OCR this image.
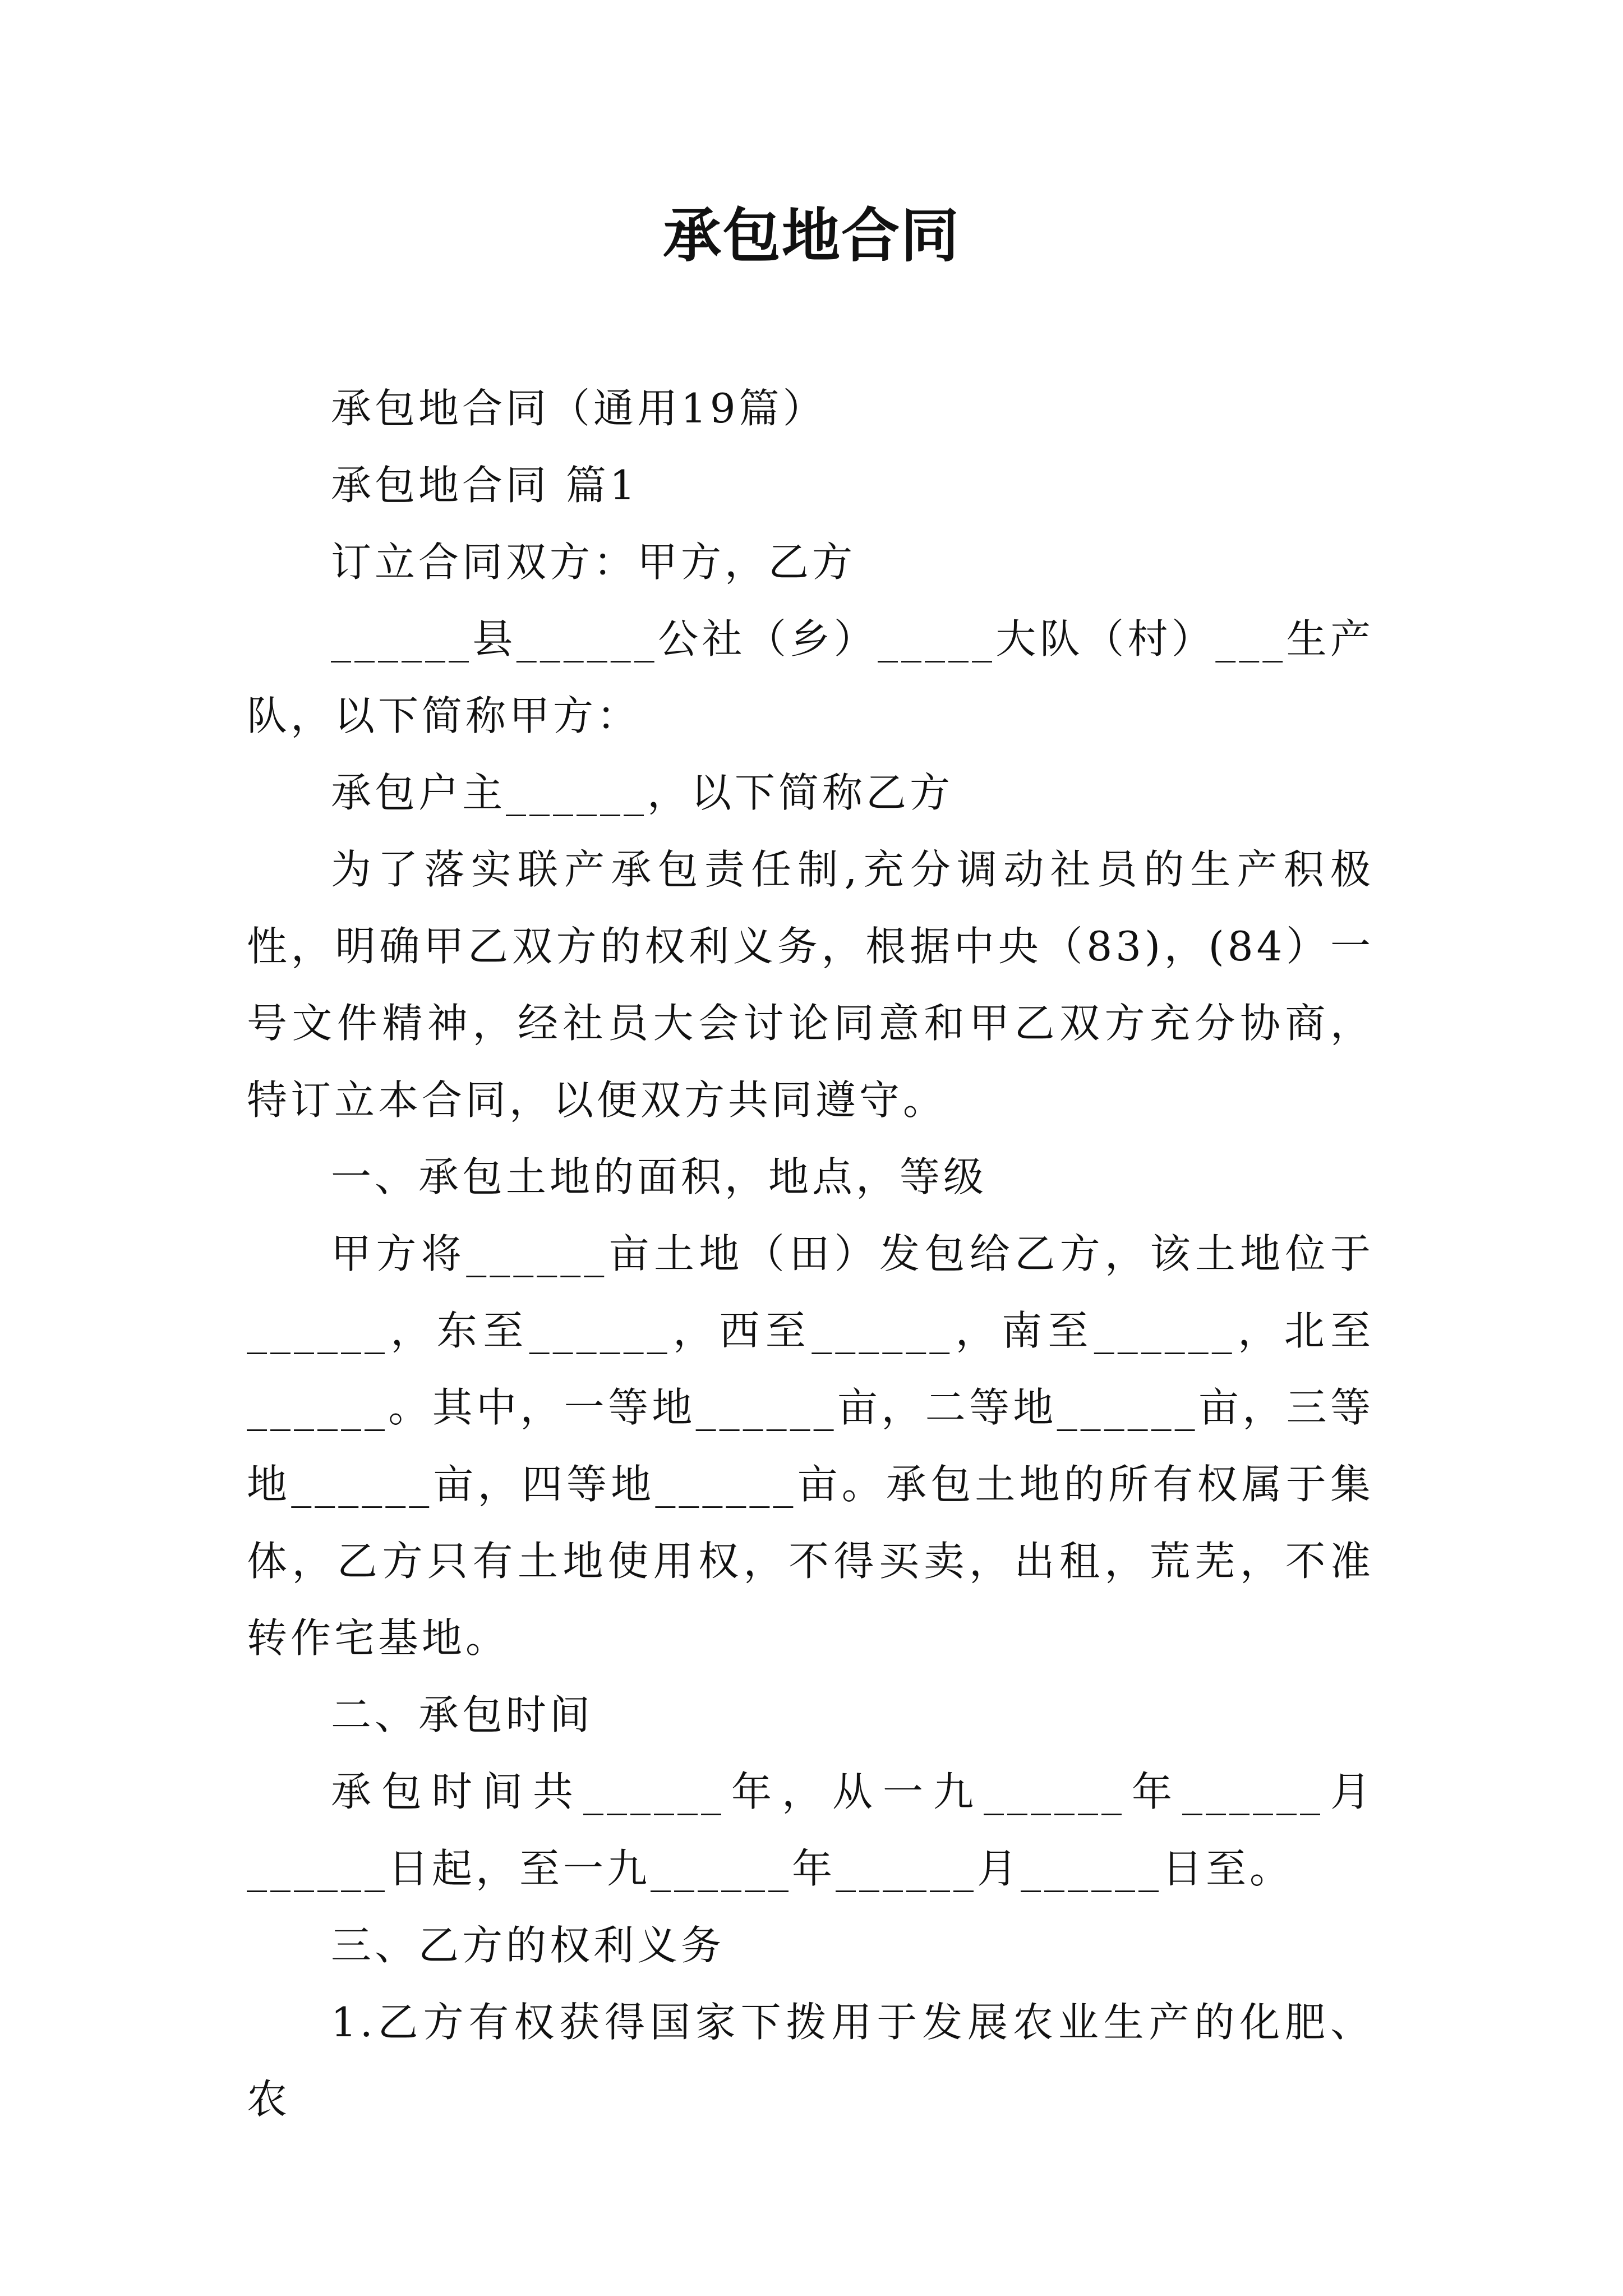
承包地合同

承包地合同（通用19篇）

承包地合同 篇1

订立合同双方：甲方，乙方

______县______公社（乡）_____大队（村）___生产队，以下简称甲方：

承包户主______，以下简称乙方

为了落实联产承包责任制,充分调动社员的生产积极性，明确甲乙双方的权利义务，根据中央（83)，(84）一号文件精神，经社员大会讨论同意和甲乙双方充分协商，特订立本合同，以便双方共同遵守。

一、承包土地的面积，地点，等级

甲方将______亩土地（田）发包给乙方，该土地位于______，东至______，西至______，南至______，北至______。其中，一等地______亩，二等地______亩，三等地______亩，四等地______亩。承包土地的所有权属于集体，乙方只有土地使用权，不得买卖，出租，荒芜，不准转作宅基地。

二、承包时间

承包时间共______年，从一九______年______月______日起，至一九______年______月______日至。

三、乙方的权利义务

1.乙方有权获得国家下拨用于发展农业生产的化肥、农
